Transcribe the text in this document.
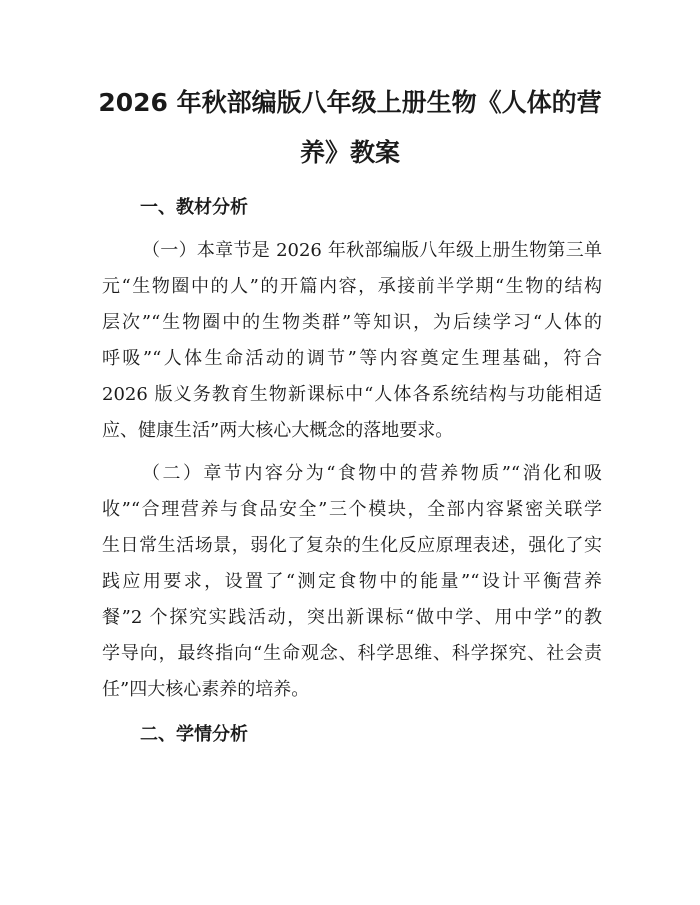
2026 年秋部编版八年级上册生物《人体的营
养》教案
一、教材分析

（一）本章节是 2026 年秋部编版八年级上册生物第三单
元“生物圈中的人”的开篇内容，承接前半学期“生物的结构
层次”“生物圈中的生物类群”等知识，为后续学习“人体的
呼吸”“人体生命活动的调节”等内容奠定生理基础，符合
2026 版义务教育生物新课标中“人体各系统结构与功能相适
应、健康生活”两大核心大概念的落地要求。

（二）章节内容分为“食物中的营养物质”“消化和吸
收”“合理营养与食品安全”三个模块，全部内容紧密关联学
生日常生活场景，弱化了复杂的生化反应原理表述，强化了实
践应用要求，设置了“测定食物中的能量”“设计平衡营养
餐”2 个探究实践活动，突出新课标“做中学、用中学”的教
学导向，最终指向“生命观念、科学思维、科学探究、社会责
任”四大核心素养的培养。

二、学情分析
